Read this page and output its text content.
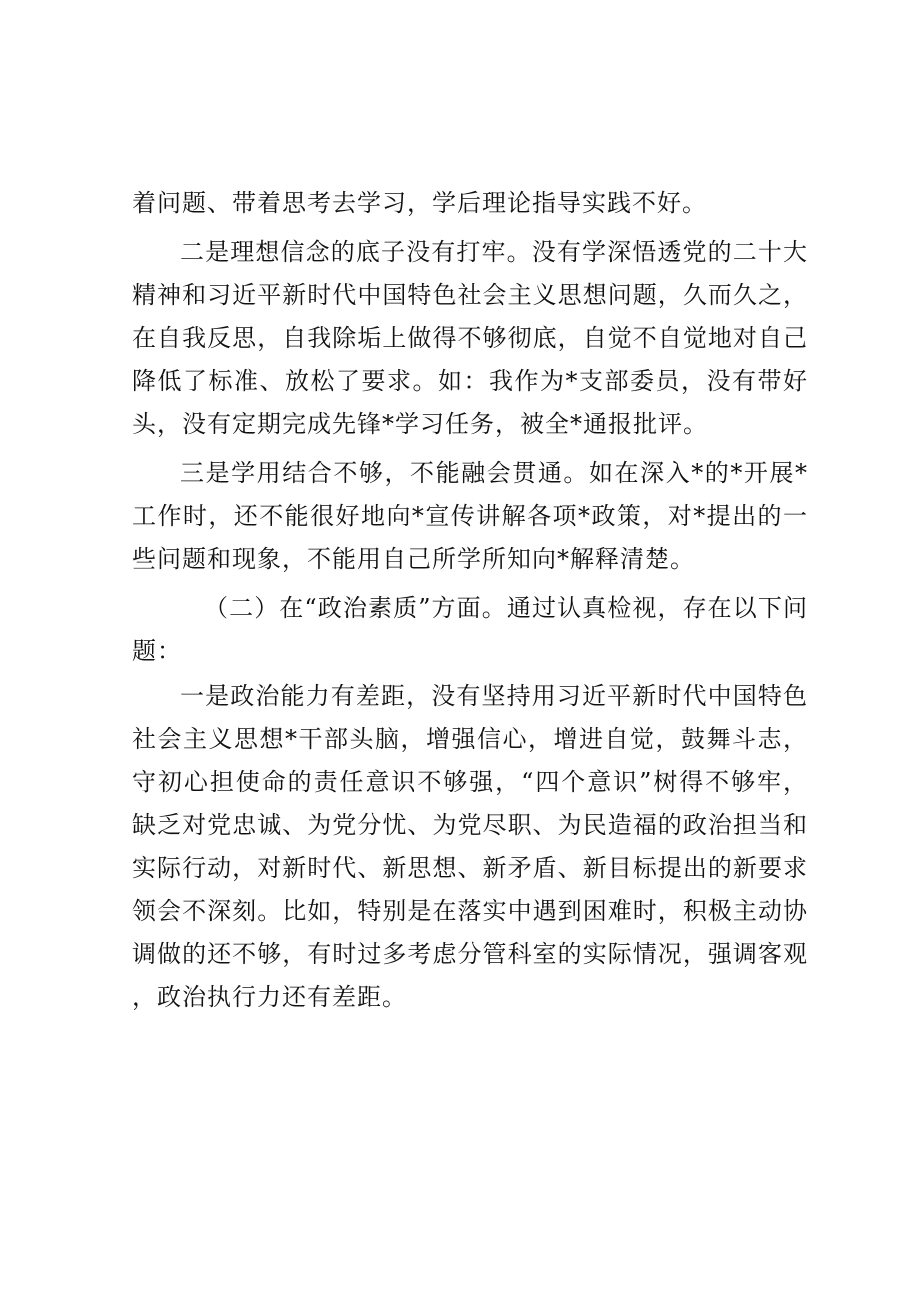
着问题、带着思考去学习，学后理论指导实践不好。

二是理想信念的底子没有打牢。没有学深悟透党的二十大精神和习近平新时代中国特色社会主义思想问题，久而久之，在自我反思，自我除垢上做得不够彻底，自觉不自觉地对自己降低了标准、放松了要求。如：我作为*支部委员，没有带好头，没有定期完成先锋*学习任务，被全*通报批评。

三是学用结合不够，不能融会贯通。如在深入*的*开展*工作时，还不能很好地向*宣传讲解各项*政策，对*提出的一些问题和现象，不能用自己所学所知向*解释清楚。

（二）在“政治素质”方面。通过认真检视，存在以下问题：

一是政治能力有差距，没有坚持用习近平新时代中国特色社会主义思想*干部头脑，增强信心，增进自觉，鼓舞斗志，守初心担使命的责任意识不够强，“四个意识”树得不够牢，缺乏对党忠诚、为党分忧、为党尽职、为民造福的政治担当和实际行动，对新时代、新思想、新矛盾、新目标提出的新要求领会不深刻。比如，特别是在落实中遇到困难时，积极主动协调做的还不够，有时过多考虑分管科室的实际情况，强调客观，政治执行力还有差距。
